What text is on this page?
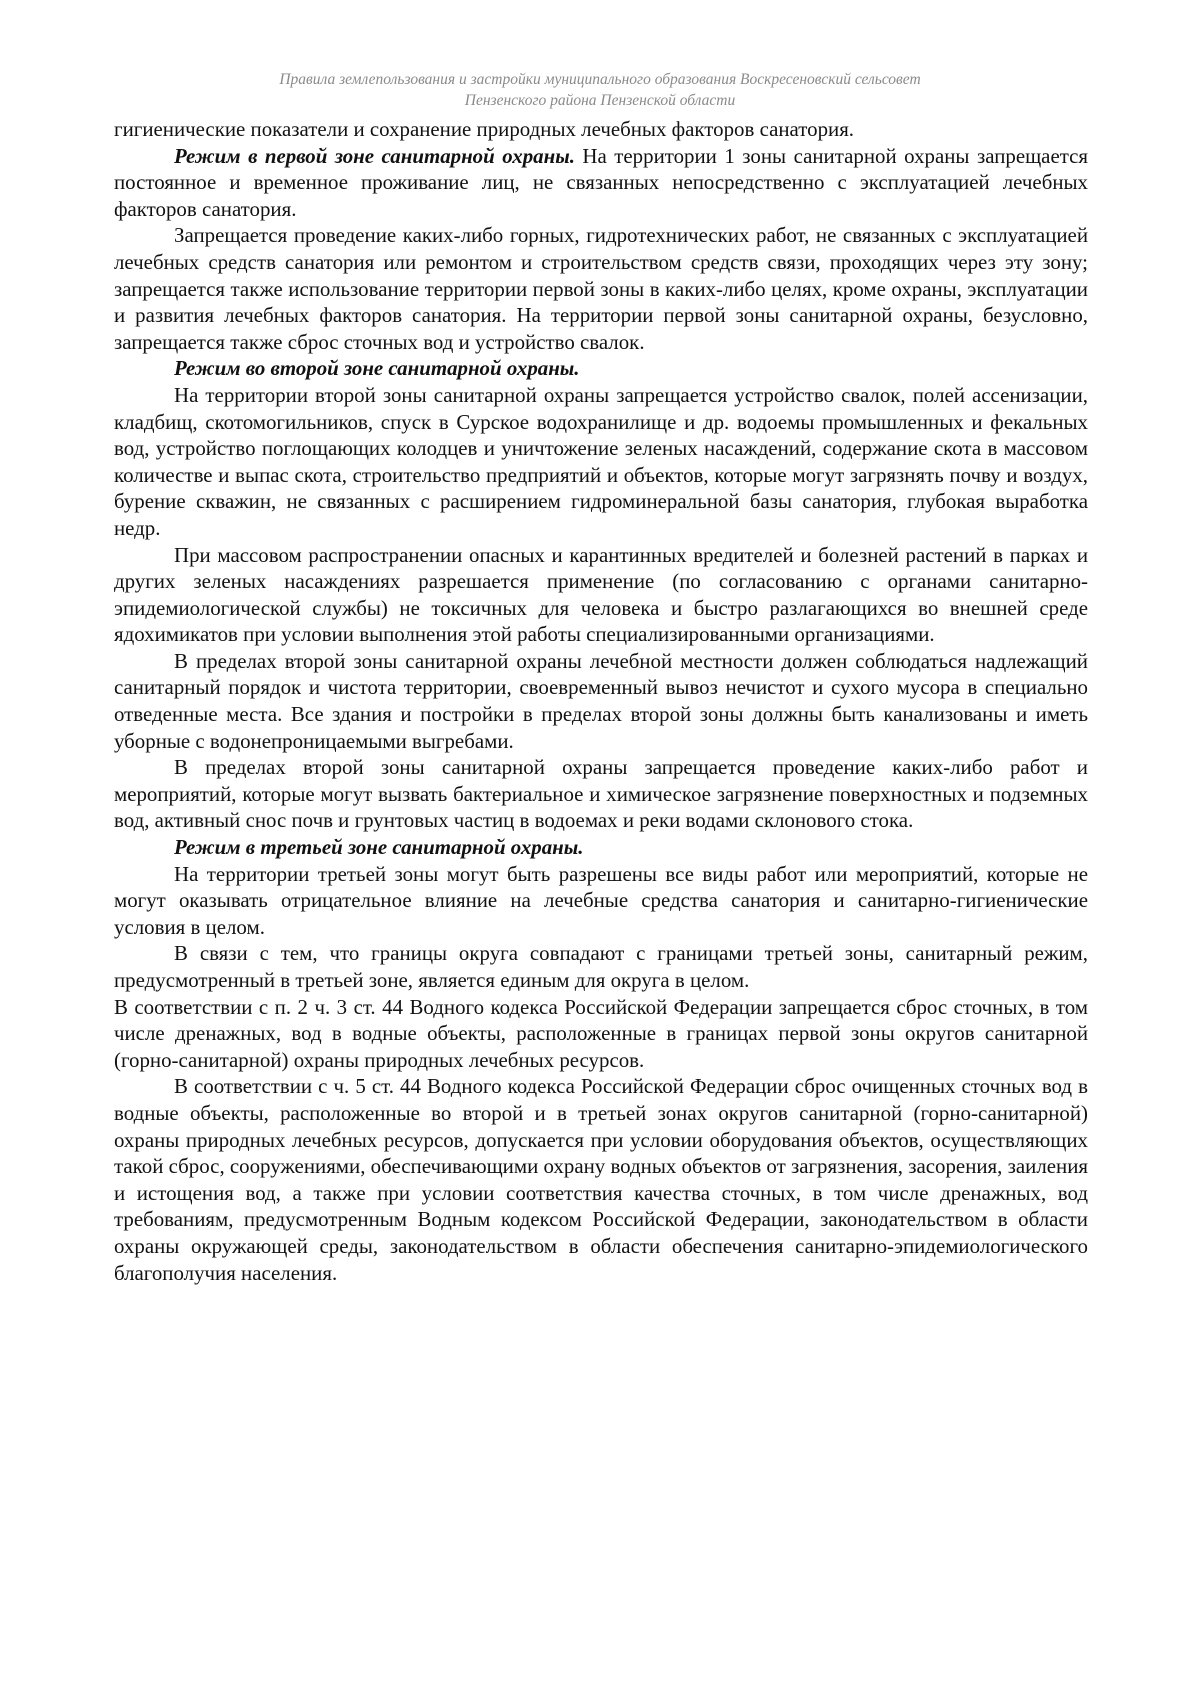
Правила землепользования и застройки муниципального образования Воскресеновский сельсовет
Пензенского района Пензенской области

гигиенические показатели и сохранение природных лечебных факторов санатория.

Режим в первой зоне санитарной охраны. На территории 1 зоны санитарной охраны запрещается постоянное и временное проживание лиц, не связанных непосредственно с эксплуатацией лечебных факторов санатория.

Запрещается проведение каких-либо горных, гидротехнических работ, не связанных с эксплуатацией лечебных средств санатория или ремонтом и строительством средств связи, проходящих через эту зону; запрещается также использование территории первой зоны в каких-либо целях, кроме охраны, эксплуатации и развития лечебных факторов санатория. На территории первой зоны санитарной охраны, безусловно, запрещается также сброс сточных вод и устройство свалок.

Режим во второй зоне санитарной охраны.

На территории второй зоны санитарной охраны запрещается устройство свалок, полей ассенизации, кладбищ, скотомогильников, спуск в Сурское водохранилище и др. водоемы промышленных и фекальных вод, устройство поглощающих колодцев и уничтожение зеленых насаждений, содержание скота в массовом количестве и выпас скота, строительство предприятий и объектов, которые могут загрязнять почву и воздух, бурение скважин, не связанных с расширением гидроминеральной базы санатория, глубокая выработка недр.

При массовом распространении опасных и карантинных вредителей и болезней растений в парках и других зеленых насаждениях разрешается применение (по согласованию с органами санитарно-эпидемиологической службы) не токсичных для человека и быстро разлагающихся во внешней среде ядохимикатов при условии выполнения этой работы специализированными организациями.

В пределах второй зоны санитарной охраны лечебной местности должен соблюдаться надлежащий санитарный порядок и чистота территории, своевременный вывоз нечистот и сухого мусора в специально отведенные места. Все здания и постройки в пределах второй зоны должны быть канализованы и иметь уборные с водонепроницаемыми выгребами.

В пределах второй зоны санитарной охраны запрещается проведение каких-либо работ и мероприятий, которые могут вызвать бактериальное и химическое загрязнение поверхностных и подземных вод, активный снос почв и грунтовых частиц в водоемах и реки водами склонового стока.

Режим в третьей зоне санитарной охраны.

На территории третьей зоны могут быть разрешены все виды работ или мероприятий, которые не могут оказывать отрицательное влияние на лечебные средства санатория и санитарно-гигиенические условия в целом.

В связи с тем, что границы округа совпадают с границами третьей зоны, санитарный режим, предусмотренный в третьей зоне, является единым для округа в целом.

В соответствии с п. 2 ч. 3 ст. 44 Водного кодекса Российской Федерации запрещается сброс сточных, в том числе дренажных, вод в водные объекты, расположенные в границах первой зоны округов санитарной (горно-санитарной) охраны природных лечебных ресурсов.

В соответствии с ч. 5 ст. 44 Водного кодекса Российской Федерации сброс очищенных сточных вод в водные объекты, расположенные во второй и в третьей зонах округов санитарной (горно-санитарной) охраны природных лечебных ресурсов, допускается при условии оборудования объектов, осуществляющих такой сброс, сооружениями, обеспечивающими охрану водных объектов от загрязнения, засорения, заиления и истощения вод, а также при условии соответствия качества сточных, в том числе дренажных, вод требованиям, предусмотренным Водным кодексом Российской Федерации, законодательством в области охраны окружающей среды, законодательством в области обеспечения санитарно-эпидемиологического благополучия населения.
